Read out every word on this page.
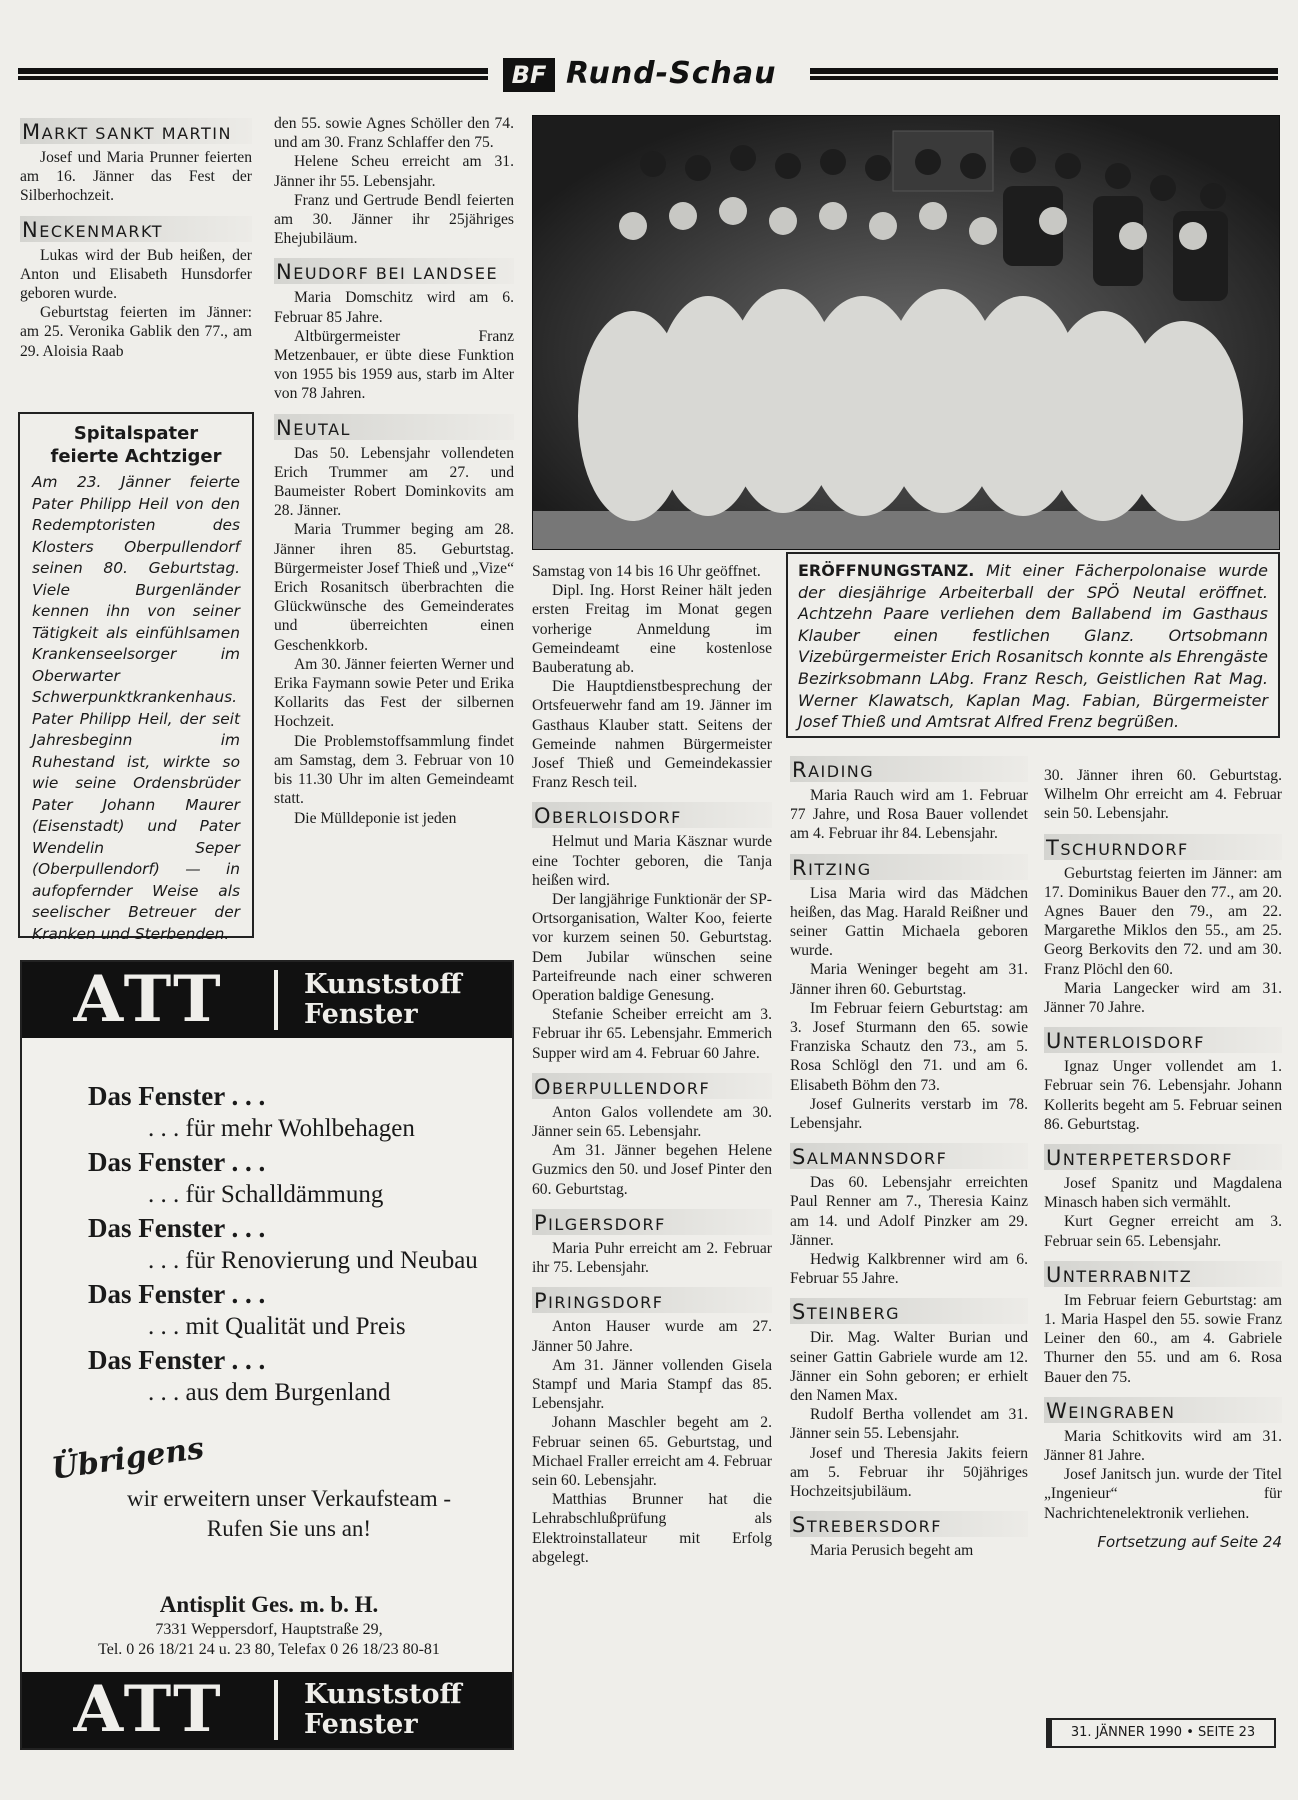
BF Rund-Schau
MARKT SANKT MARTIN

Josef und Maria Prunner feierten am 16. Jänner das Fest der Silberhochzeit.

NECKENMARKT

Lukas wird der Bub heißen, der Anton und Elisabeth Hunsdorfer geboren wurde.

Geburtstag feierten im Jänner: am 25. Veronika Gablik den 77., am 29. Aloisia Raab

Spitalspater
feierte Achtziger

Am 23. Jänner feierte Pater Philipp Heil von den Redemptoristen des Klosters Oberpullendorf seinen 80. Geburtstag. Viele Burgenländer kennen ihn von seiner Tätigkeit als einfühlsamen Krankenseelsorger im Oberwarter Schwerpunktkrankenhaus. Pater Philipp Heil, der seit Jahresbeginn im Ruhestand ist, wirkte so wie seine Ordensbrüder Pater Johann Maurer (Eisenstadt) und Pater Wendelin Seper (Oberpullendorf) — in aufopfernder Weise als seelischer Betreuer der Kranken und Sterbenden.

den 55. sowie Agnes Schöller den 74. und am 30. Franz Schlaffer den 75.

Helene Scheu erreicht am 31. Jänner ihr 55. Lebensjahr.

Franz und Gertrude Bendl feierten am 30. Jänner ihr 25jähriges Ehejubiläum.

NEUDORF BEI LANDSEE

Maria Domschitz wird am 6. Februar 85 Jahre.

Altbürgermeister Franz Metzenbauer, er übte diese Funktion von 1955 bis 1959 aus, starb im Alter von 78 Jahren.

NEUTAL

Das 50. Lebensjahr vollendeten Erich Trummer am 27. und Baumeister Robert Dominkovits am 28. Jänner.

Maria Trummer beging am 28. Jänner ihren 85. Geburtstag. Bürgermeister Josef Thieß und „Vize“ Erich Rosanitsch überbrachten die Glückwünsche des Gemeinderates und überreichten einen Geschenkkorb.

Am 30. Jänner feierten Werner und Erika Faymann sowie Peter und Erika Kollarits das Fest der silbernen Hochzeit.

Die Problemstoffsammlung findet am Samstag, dem 3. Februar von 10 bis 11.30 Uhr im alten Gemeindeamt statt.

Die Mülldeponie ist jeden

ERÖFFNUNGSTANZ. Mit einer Fächerpolonaise wurde der diesjährige Arbeiterball der SPÖ Neutal eröffnet. Achtzehn Paare verliehen dem Ballabend im Gasthaus Klauber einen festlichen Glanz. Ortsobmann Vizebürgermeister Erich Rosanitsch konnte als Ehrengäste Bezirksobmann LAbg. Franz Resch, Geistlichen Rat Mag. Werner Klawatsch, Kaplan Mag. Fabian, Bürgermeister Josef Thieß und Amtsrat Alfred Frenz begrüßen.

Samstag von 14 bis 16 Uhr geöffnet.

Dipl. Ing. Horst Reiner hält jeden ersten Freitag im Monat gegen vorherige Anmeldung im Gemeindeamt eine kostenlose Bauberatung ab.

Die Hauptdienstbesprechung der Ortsfeuerwehr fand am 19. Jänner im Gasthaus Klauber statt. Seitens der Gemeinde nahmen Bürgermeister Josef Thieß und Gemeindekassier Franz Resch teil.

OBERLOISDORF

Helmut und Maria Käsznar wurde eine Tochter geboren, die Tanja heißen wird.

Der langjährige Funktionär der SP-Ortsorganisation, Walter Koo, feierte vor kurzem seinen 50. Geburtstag. Dem Jubilar wünschen seine Parteifreunde nach einer schweren Operation baldige Genesung.

Stefanie Scheiber erreicht am 3. Februar ihr 65. Lebensjahr. Emmerich Supper wird am 4. Februar 60 Jahre.

OBERPULLENDORF

Anton Galos vollendete am 30. Jänner sein 65. Lebensjahr.

Am 31. Jänner begehen Helene Guzmics den 50. und Josef Pinter den 60. Geburtstag.

PILGERSDORF

Maria Puhr erreicht am 2. Februar ihr 75. Lebensjahr.

PIRINGSDORF

Anton Hauser wurde am 27. Jänner 50 Jahre.

Am 31. Jänner vollenden Gisela Stampf und Maria Stampf das 85. Lebensjahr.

Johann Maschler begeht am 2. Februar seinen 65. Geburtstag, und Michael Fraller erreicht am 4. Februar sein 60. Lebensjahr.

Matthias Brunner hat die Lehrabschlußprüfung als Elektroinstallateur mit Erfolg abgelegt.

RAIDING

Maria Rauch wird am 1. Februar 77 Jahre, und Rosa Bauer vollendet am 4. Februar ihr 84. Lebensjahr.

RITZING

Lisa Maria wird das Mädchen heißen, das Mag. Harald Reißner und seiner Gattin Michaela geboren wurde.

Maria Weninger begeht am 31. Jänner ihren 60. Geburtstag.

Im Februar feiern Geburtstag: am 3. Josef Sturmann den 65. sowie Franziska Schautz den 73., am 5. Rosa Schlögl den 71. und am 6. Elisabeth Böhm den 73.

Josef Gulnerits verstarb im 78. Lebensjahr.

SALMANNSDORF

Das 60. Lebensjahr erreichten Paul Renner am 7., Theresia Kainz am 14. und Adolf Pinzker am 29. Jänner.

Hedwig Kalkbrenner wird am 6. Februar 55 Jahre.

STEINBERG

Dir. Mag. Walter Burian und seiner Gattin Gabriele wurde am 12. Jänner ein Sohn geboren; er erhielt den Namen Max.

Rudolf Bertha vollendet am 31. Jänner sein 55. Lebensjahr.

Josef und Theresia Jakits feiern am 5. Februar ihr 50jähriges Hochzeitsjubiläum.

STREBERSDORF

Maria Perusich begeht am

30. Jänner ihren 60. Geburtstag. Wilhelm Ohr erreicht am 4. Februar sein 50. Lebensjahr.

TSCHURNDORF

Geburtstag feierten im Jänner: am 17. Dominikus Bauer den 77., am 20. Agnes Bauer den 79., am 22. Margarethe Miklos den 55., am 25. Georg Berkovits den 72. und am 30. Franz Plöchl den 60.

Maria Langecker wird am 31. Jänner 70 Jahre.

UNTERLOISDORF

Ignaz Unger vollendet am 1. Februar sein 76. Lebensjahr. Johann Kollerits begeht am 5. Februar seinen 86. Geburtstag.

UNTERPETERSDORF

Josef Spanitz und Magdalena Minasch haben sich vermählt.

Kurt Gegner erreicht am 3. Februar sein 65. Lebensjahr.

UNTERRABNITZ

Im Februar feiern Geburtstag: am 1. Maria Haspel den 55. sowie Franz Leiner den 60., am 4. Gabriele Thurner den 55. und am 6. Rosa Bauer den 75.

WEINGRABEN

Maria Schitkovits wird am 31. Jänner 81 Jahre.

Josef Janitsch jun. wurde der Titel „Ingenieur“ für Nachrichtenelektronik verliehen.

Fortsetzung auf Seite 24

31. JÄNNER 1990 • SEITE 23
ATT	Kunststoff
Fenster
Das Fenster . . .
. . . für mehr Wohlbehagen
Das Fenster . . .
. . . für Schalldämmung
Das Fenster . . .
. . . für Renovierung und Neubau
Das Fenster . . .
. . . mit Qualität und Preis
Das Fenster . . .
. . . aus dem Burgenland
Übrigens
wir erweitern unser Verkaufsteam -
Rufen Sie uns an!
Antisplit Ges. m. b. H.
7331 Weppersdorf, Hauptstraße 29,
Tel. 0 26 18/21 24 u. 23 80, Telefax 0 26 18/23 80-81
ATT	Kunststoff
Fenster
